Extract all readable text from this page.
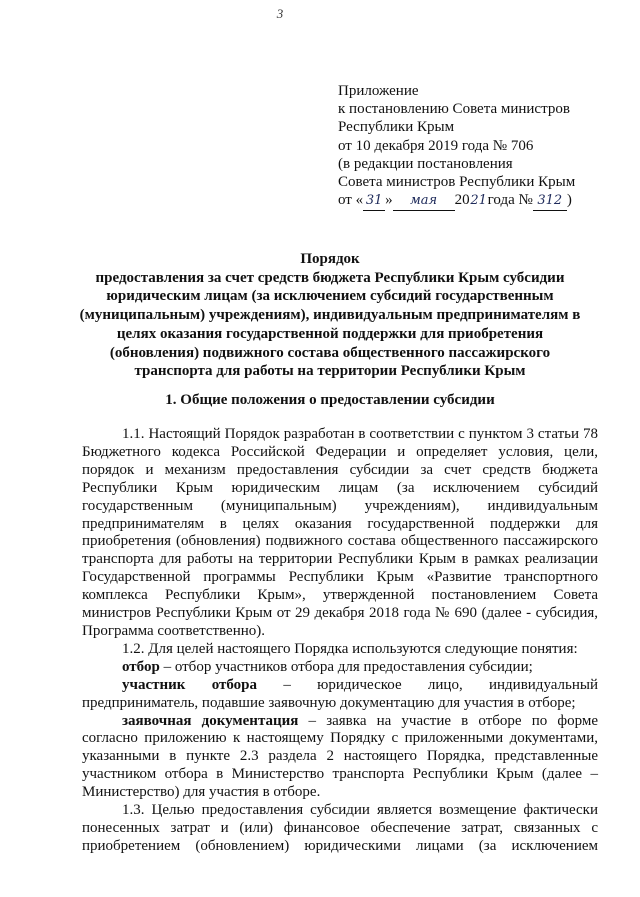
3
Приложение
к постановлению Совета министров
Республики Крым
от 10 декабря 2019 года № 706
(в редакции постановления
Совета министров Республики Крым
от « 31 » мая 2021года № 312 )
Порядок
предоставления за счет средств бюджета Республики Крым субсидии
юридическим лицам (за исключением субсидий государственным
(муниципальным) учреждениям), индивидуальным предпринимателям в
целях оказания государственной поддержки для приобретения
(обновления) подвижного состава общественного пассажирского
транспорта для работы на территории Республики Крым
1. Общие положения о предоставлении субсидии

1.1. Настоящий Порядок разработан в соответствии с пунктом 3 статьи 78 Бюджетного кодекса Российской Федерации и определяет условия, цели, порядок и механизм предоставления субсидии за счет средств бюджета Республики Крым юридическим лицам (за исключением субсидий государственным (муниципальным) учреждениям), индивидуальным предпринимателям в целях оказания государственной поддержки для приобретения (обновления) подвижного состава общественного пассажирского транспорта для работы на территории Республики Крым в рамках реализации Государственной программы Республики Крым «Развитие транспортного комплекса Республики Крым», утвержденной постановлением Совета министров Республики Крым от 29 декабря 2018 года № 690 (далее - субсидия, Программа соответственно).

1.2. Для целей настоящего Порядка используются следующие понятия:

отбор – отбор участников отбора для предоставления субсидии;

участник отбора – юридическое лицо, индивидуальный предприниматель, подавшие заявочную документацию для участия в отборе;

заявочная документация – заявка на участие в отборе по форме согласно приложению к настоящему Порядку с приложенными документами, указанными в пункте 2.3 раздела 2 настоящего Порядка, представленные участником отбора в Министерство транспорта Республики Крым (далее – Министерство) для участия в отборе.

1.3. Целью предоставления субсидии является возмещение фактически понесенных затрат и (или) финансовое обеспечение затрат, связанных с приобретением (обновлением) юридическими лицами (за исключением
